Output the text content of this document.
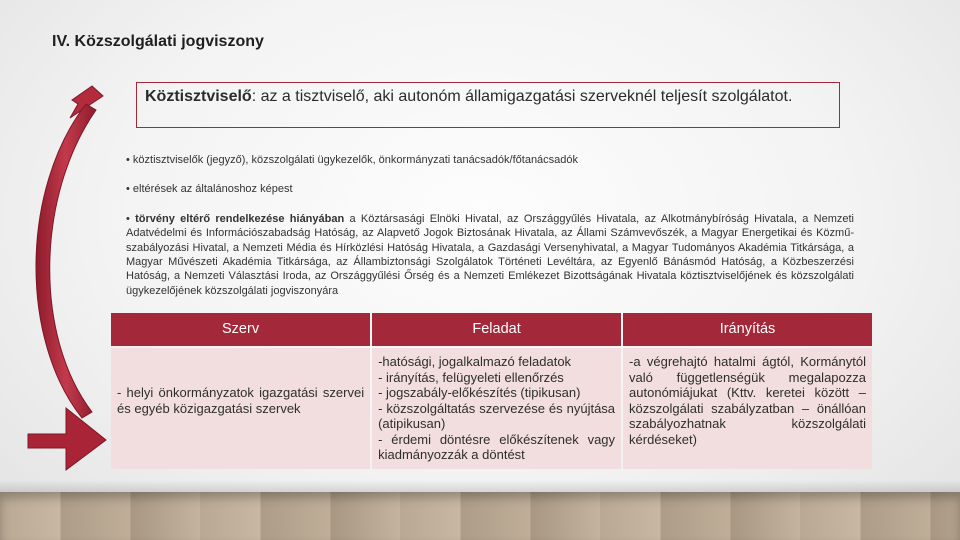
IV. Közszolgálati jogviszony
Köztisztviselő: az a tisztviselő, aki autonóm államigazgatási szerveknél teljesít szolgálatot.
• köztisztviselők (jegyző), közszolgálati ügykezelők, önkormányzati tanácsadók/főtanácsadók
• eltérések az általánoshoz képest
• törvény eltérő rendelkezése hiányában a Köztársasági Elnöki Hivatal, az Országgyűlés Hivatala, az Alkotmánybíróság Hivatala, a Nemzeti Adatvédelmi és Információszabadság Hatóság, az Alapvető Jogok Biztosának Hivatala, az Állami Számvevőszék, a Magyar Energetikai és Közmű-szabályozási Hivatal, a Nemzeti Média és Hírközlési Hatóság Hivatala, a Gazdasági Versenyhivatal, a Magyar Tudományos Akadémia Titkársága, a Magyar Művészeti Akadémia Titkársága, az Állambiztonsági Szolgálatok Történeti Levéltára, az Egyenlő Bánásmód Hatóság, a Közbeszerzési Hatóság, a Nemzeti Választási Iroda, az Országgyűlési Őrség és a Nemzeti Emlékezet Bizottságának Hivatala köztisztviselőjének és közszolgálati ügykezelőjének közszolgálati jogviszonyára
Szerv	Feladat	Irányítás
- helyi önkormányzatok igazgatási szervei és egyéb közigazgatási szervek	-hatósági, jogalkalmazó feladatok
- irányítás, felügyeleti ellenőrzés
- jogszabály-előkészítés (tipikusan)
- közszolgáltatás szervezése és nyújtása (atipikusan)
- érdemi döntésre előkészítenek vagy kiadmányozzák a döntést	-a végrehajtó hatalmi ágtól, Kormánytól való függetlenségük megalapozza autonómiájukat (Kttv. keretei között – közszolgálati szabályzatban – önállóan szabályozhatnak közszolgálati kérdéseket)
